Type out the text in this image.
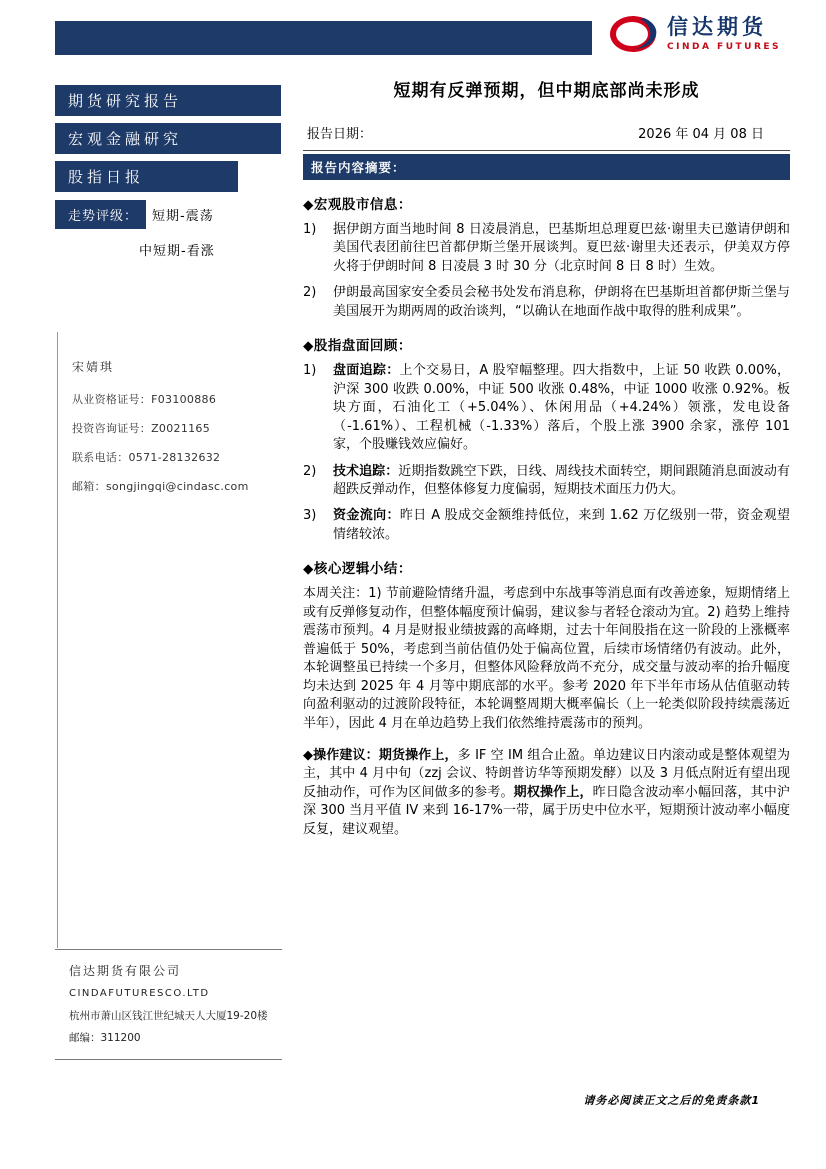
信达期货
CINDA FUTURES
期货研究报告
宏观金融研究
股指日报
走势评级： 短期-震荡
中短期-看涨
宋婧琪
从业资格证号：F03100886
投资咨询证号：Z0021165
联系电话：0571-28132632
邮箱：songjingqi@cindasc.com
信达期货有限公司
CINDAFUTURESCO.LTD
杭州市萧山区钱江世纪城天人大厦19-20楼
邮编：311200
短期有反弹预期，但中期底部尚未形成
报告日期：	2026 年 04 月 08 日
报告内容摘要：
◆宏观股市信息：
1)	据伊朗方面当地时间 8 日凌晨消息，巴基斯坦总理夏巴兹·谢里夫已邀请伊朗和美国代表团前往巴首都伊斯兰堡开展谈判。夏巴兹·谢里夫还表示，伊美双方停火将于伊朗时间 8 日凌晨 3 时 30 分（北京时间 8 日 8 时）生效。

2)	伊朗最高国家安全委员会秘书处发布消息称，伊朗将在巴基斯坦首都伊斯兰堡与美国展开为期两周的政治谈判，“以确认在地面作战中取得的胜利成果”。

◆股指盘面回顾：
1)	盘面追踪：上个交易日，A 股窄幅整理。四大指数中，上证 50 收跌 0.00%，沪深 300 收跌 0.00%，中证 500 收涨 0.48%，中证 1000 收涨 0.92%。板块方面，石油化工（+5.04%）、休闲用品（+4.24%）领涨，发电设备（-1.61%）、工程机械（-1.33%）落后，个股上涨 3900 余家，涨停 101 家，个股赚钱效应偏好。

2)	技术追踪：近期指数跳空下跌，日线、周线技术面转空，期间跟随消息面波动有超跌反弹动作，但整体修复力度偏弱，短期技术面压力仍大。

3)	资金流向：昨日 A 股成交金额维持低位，来到 1.62 万亿级别一带，资金观望情绪较浓。

◆核心逻辑小结：

本周关注：1) 节前避险情绪升温，考虑到中东战事等消息面有改善迹象，短期情绪上或有反弹修复动作，但整体幅度预计偏弱，建议参与者轻仓滚动为宜。2) 趋势上维持震荡市预判。4 月是财报业绩披露的高峰期，过去十年间股指在这一阶段的上涨概率普遍低于 50%，考虑到当前估值仍处于偏高位置，后续市场情绪仍有波动。此外，本轮调整虽已持续一个多月，但整体风险释放尚不充分，成交量与波动率的抬升幅度均未达到 2025 年 4 月等中期底部的水平。参考 2020 年下半年市场从估值驱动转向盈利驱动的过渡阶段特征，本轮调整周期大概率偏长（上一轮类似阶段持续震荡近半年），因此 4 月在单边趋势上我们依然维持震荡市的预判。

◆操作建议：期货操作上，多 IF 空 IM 组合止盈。单边建议日内滚动或是整体观望为主，其中 4 月中旬（zzj 会议、特朗普访华等预期发酵）以及 3 月低点附近有望出现反抽动作，可作为区间做多的参考。期权操作上，昨日隐含波动率小幅回落，其中沪深 300 当月平值 IV 来到 16-17%一带，属于历史中位水平，短期预计波动率小幅度反复，建议观望。

请务必阅读正文之后的免责条款1
